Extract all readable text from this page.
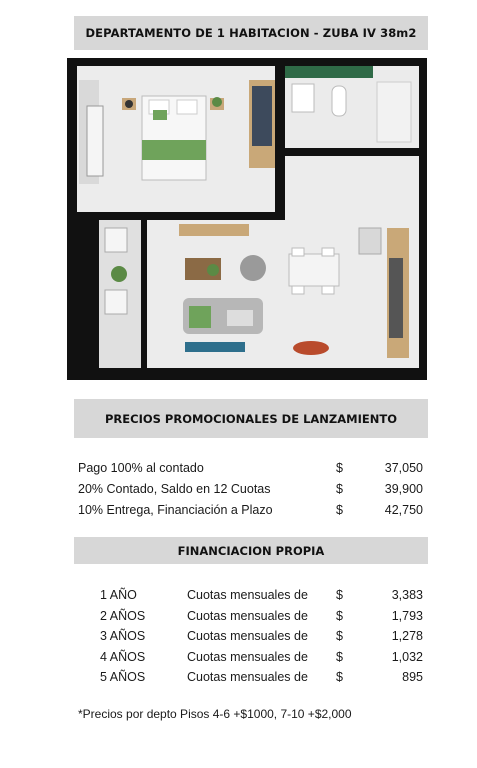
DEPARTAMENTO DE 1 HABITACION - ZUBA IV 38m2
PRECIOS PROMOCIONALES DE LANZAMIENTO
Pago 100% al contado	$	37,050
20% Contado, Saldo en 12 Cuotas	$	39,900
10% Entrega, Financiación a Plazo	$	42,750
FINANCIACION PROPIA
1 AÑO	Cuotas mensuales de $	3,383
2 AÑOS	Cuotas mensuales de $	1,793
3 AÑOS	Cuotas mensuales de $	1,278
4 AÑOS	Cuotas mensuales de $	1,032
5 AÑOS	Cuotas mensuales de $	895
*Precios por depto Pisos 4-6 +$1000, 7-10 +$2,000
